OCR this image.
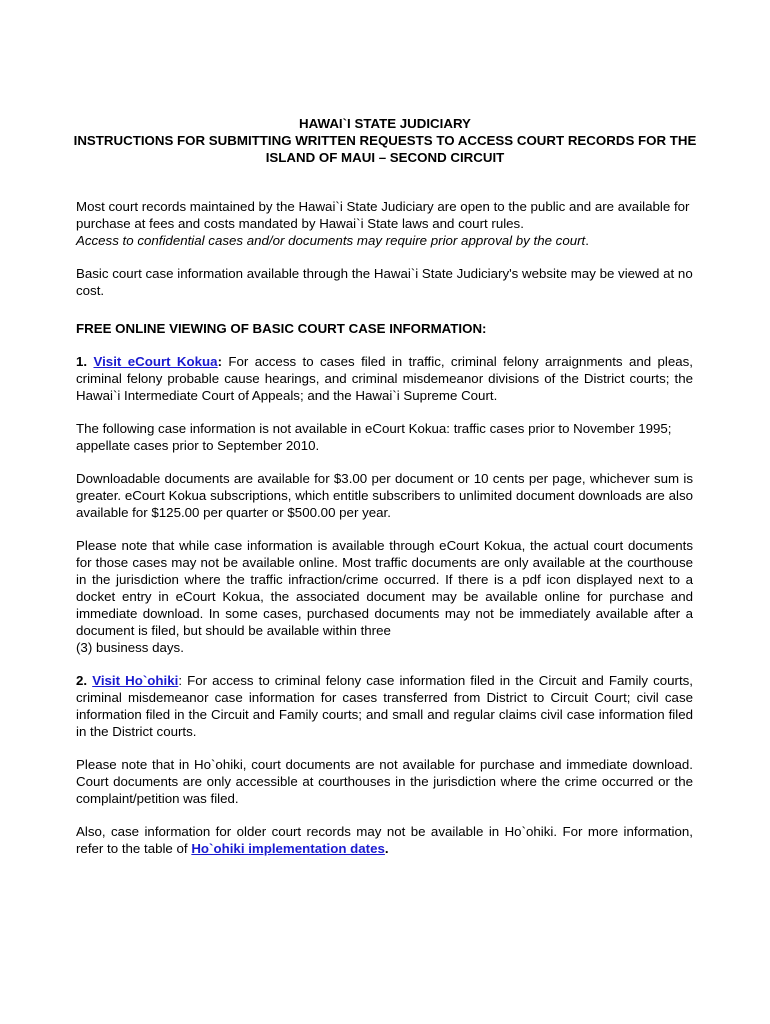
HAWAI`I STATE JUDICIARY
INSTRUCTIONS FOR SUBMITTING WRITTEN REQUESTS TO ACCESS COURT RECORDS FOR THE
ISLAND OF MAUI – SECOND CIRCUIT

Most court records maintained by the Hawai`i State Judiciary are open to the public and are available for purchase at fees and costs mandated by Hawai`i State laws and court rules.
Access to confidential cases and/or documents may require prior approval by the court.

Basic court case information available through the Hawai`i State Judiciary's website may be viewed at no cost.

FREE ONLINE VIEWING OF BASIC COURT CASE INFORMATION:

1. Visit eCourt Kokua: For access to cases filed in traffic, criminal felony arraignments and pleas, criminal felony probable cause hearings, and criminal misdemeanor divisions of the District courts; the Hawai`i Intermediate Court of Appeals; and the Hawai`i Supreme Court.

The following case information is not available in eCourt Kokua: traffic cases prior to November 1995; appellate cases prior to September 2010.

Downloadable documents are available for $3.00 per document or 10 cents per page, whichever sum is greater. eCourt Kokua subscriptions, which entitle subscribers to unlimited document downloads are also available for $125.00 per quarter or $500.00 per year.

Please note that while case information is available through eCourt Kokua, the actual court documents for those cases may not be available online. Most traffic documents are only available at the courthouse in the jurisdiction where the traffic infraction/crime occurred. If there is a pdf icon displayed next to a docket entry in eCourt Kokua, the associated document may be available online for purchase and immediate download. In some cases, purchased documents may not be immediately available after a document is filed, but should be available within three
(3) business days.

2. Visit Ho`ohiki: For access to criminal felony case information filed in the Circuit and Family courts, criminal misdemeanor case information for cases transferred from District to Circuit Court; civil case information filed in the Circuit and Family courts; and small and regular claims civil case information filed in the District courts.

Please note that in Ho`ohiki, court documents are not available for purchase and immediate download. Court documents are only accessible at courthouses in the jurisdiction where the crime occurred or the complaint/petition was filed.

Also, case information for older court records may not be available in Ho`ohiki. For more information, refer to the table of Ho`ohiki implementation dates.
